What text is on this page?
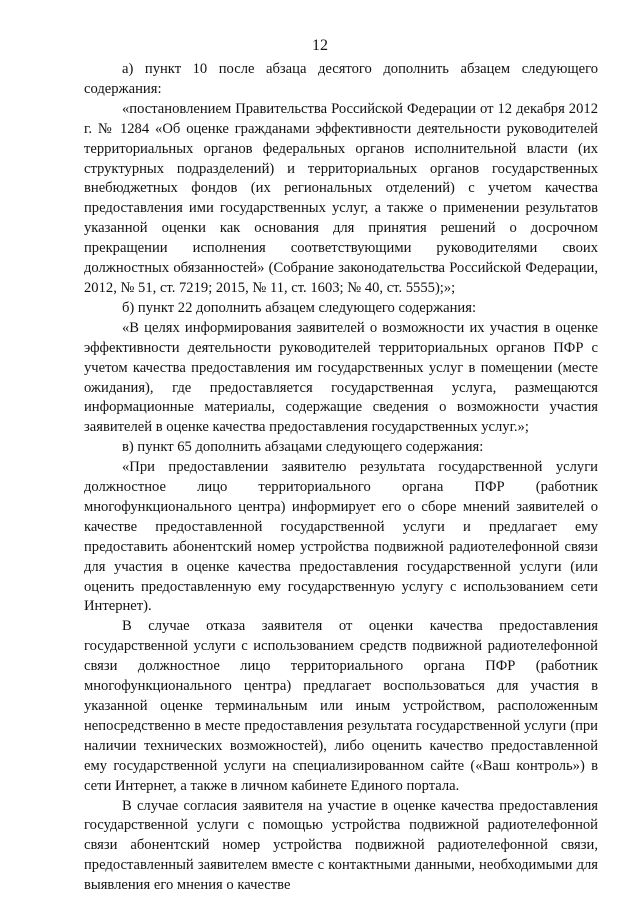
12

а) пункт 10 после абзаца десятого дополнить абзацем следующего содержания:

«постановлением Правительства Российской Федерации от 12 декабря 2012 г. № 1284 «Об оценке гражданами эффективности деятельности руководителей территориальных органов федеральных органов исполнительной власти (их структурных подразделений) и территориальных органов государственных внебюджетных фондов (их региональных отделений) с учетом качества предоставления ими государственных услуг, а также о применении результатов указанной оценки как основания для принятия решений о досрочном прекращении исполнения соответствующими руководителями своих должностных обязанностей» (Собрание законодательства Российской Федерации, 2012, № 51, ст. 7219; 2015, № 11, ст. 1603; № 40, ст. 5555);»;

б) пункт 22 дополнить абзацем следующего содержания:

«В целях информирования заявителей о возможности их участия в оценке эффективности деятельности руководителей территориальных органов ПФР с учетом качества предоставления им государственных услуг в помещении (месте ожидания), где предоставляется государственная услуга, размещаются информационные материалы, содержащие сведения о возможности участия заявителей в оценке качества предоставления государственных услуг.»;

в) пункт 65 дополнить абзацами следующего содержания:

«При предоставлении заявителю результата государственной услуги должностное лицо территориального органа ПФР (работник многофункционального центра) информирует его о сборе мнений заявителей о качестве предоставленной государственной услуги и предлагает ему предоставить абонентский номер устройства подвижной радиотелефонной связи для участия в оценке качества предоставления государственной услуги (или оценить предоставленную ему государственную услугу с использованием сети Интернет).

В случае отказа заявителя от оценки качества предоставления государственной услуги с использованием средств подвижной радиотелефонной связи должностное лицо территориального органа ПФР (работник многофункционального центра) предлагает воспользоваться для участия в указанной оценке терминальным или иным устройством, расположенным непосредственно в месте предоставления результата государственной услуги (при наличии технических возможностей), либо оценить качество предоставленной ему государственной услуги на специализированном сайте («Ваш контроль») в сети Интернет, а также в личном кабинете Единого портала.

В случае согласия заявителя на участие в оценке качества предоставления государственной услуги с помощью устройства подвижной радиотелефонной связи абонентский номер устройства подвижной радиотелефонной связи, предоставленный заявителем вместе с контактными данными, необходимыми для выявления его мнения о качестве
